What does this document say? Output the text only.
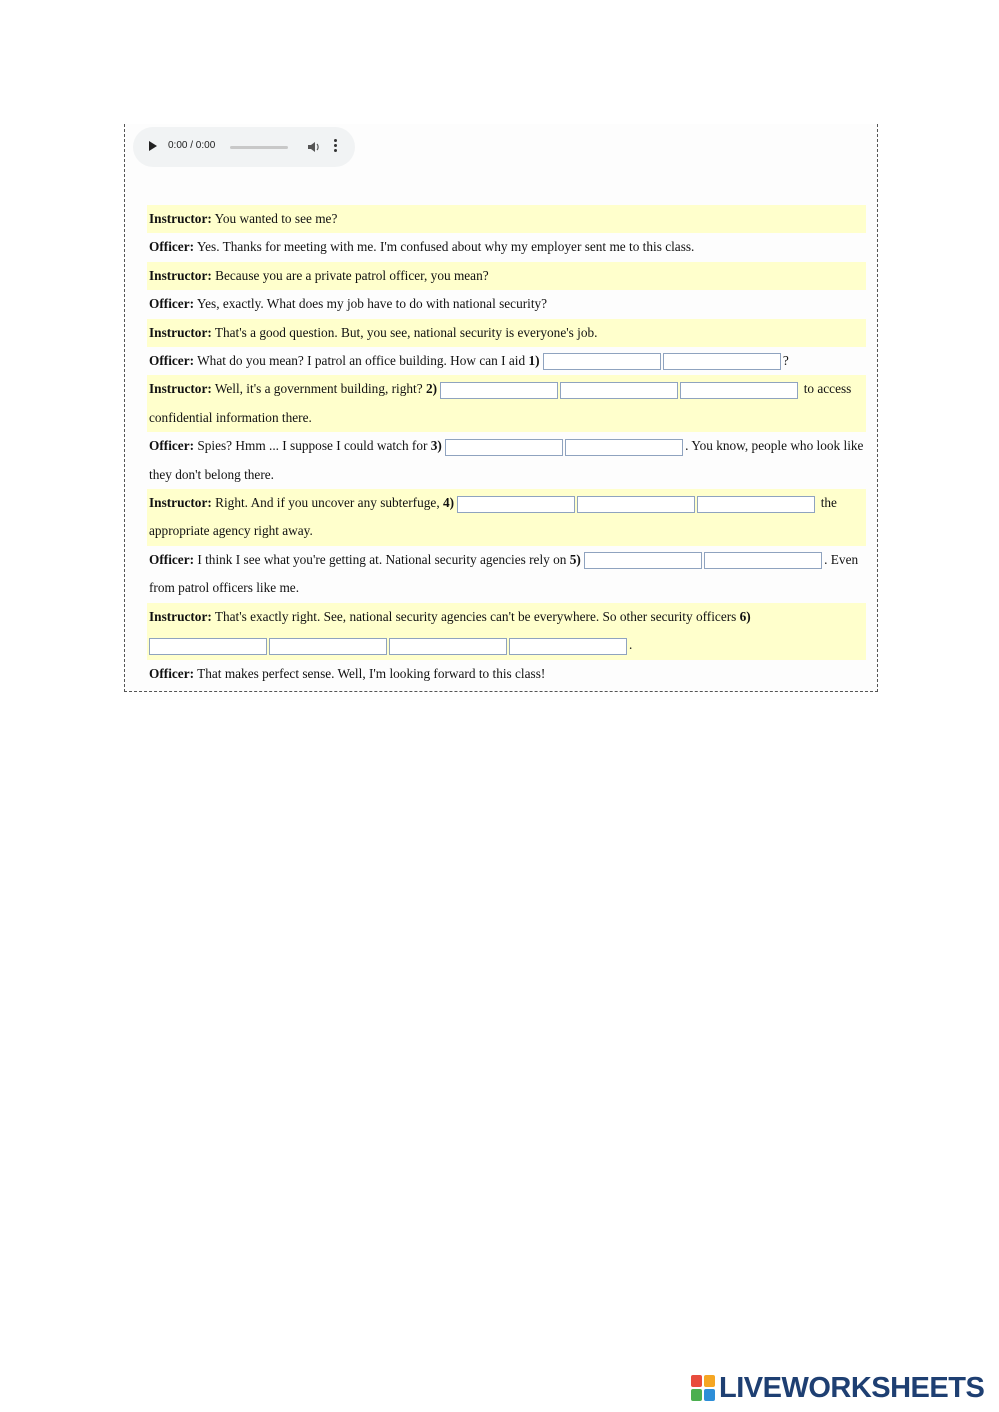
0:00 / 0:00
Instructor: You wanted to see me?
Officer: Yes. Thanks for meeting with me. I'm confused about why my employer sent me to this class.
Instructor: Because you are a private patrol officer, you mean?
Officer: Yes, exactly. What does my job have to do with national security?
Instructor: That's a good question. But, you see, national security is everyone's job.
Officer: What do you mean? I patrol an office building. How can I aid 1)	?
Instructor: Well, it's a government building, right? 2)	to access confidential information there.
Officer: Spies? Hmm ... I suppose I could watch for 3)	. You know, people who look like they don't belong there.
Instructor: Right. And if you uncover any subterfuge, 4)	the appropriate agency right away.
Officer: I think I see what you're getting at. National security agencies rely on 5)	. Even from patrol officers like me.
Instructor: That's exactly right. See, national security agencies can't be everywhere. So other security officers 6) .
Officer: That makes perfect sense. Well, I'm looking forward to this class!
LIVEWORKSHEETS
